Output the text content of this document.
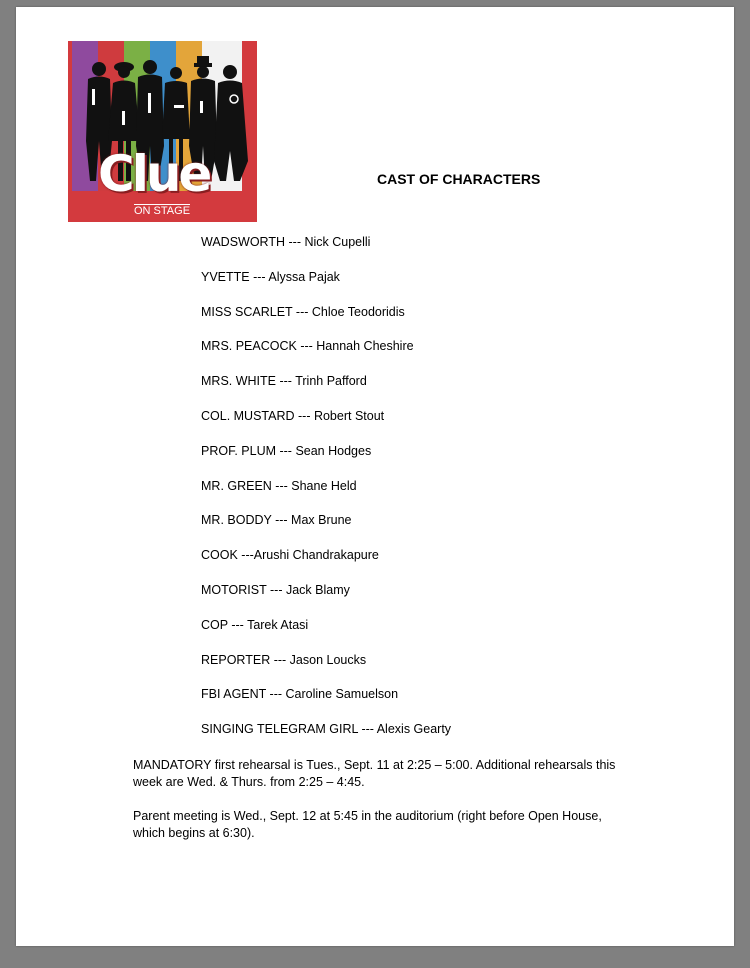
Clue
ON STAGE
CAST OF CHARACTERS
WADSWORTH --- Nick Cupelli
YVETTE --- Alyssa Pajak
MISS SCARLET --- Chloe Teodoridis
MRS. PEACOCK --- Hannah Cheshire
MRS. WHITE --- Trinh Pafford
COL. MUSTARD --- Robert Stout
PROF. PLUM --- Sean Hodges
MR. GREEN --- Shane Held
MR. BODDY --- Max Brune
COOK ---Arushi Chandrakapure
MOTORIST --- Jack Blamy
COP --- Tarek Atasi
REPORTER --- Jason Loucks
FBI AGENT --- Caroline Samuelson
SINGING TELEGRAM GIRL --- Alexis Gearty

MANDATORY first rehearsal is Tues., Sept. 11 at 2:25 – 5:00. Additional rehearsals this week are Wed. & Thurs. from 2:25 – 4:45.

Parent meeting is Wed., Sept. 12 at 5:45 in the auditorium (right before Open House, which begins at 6:30).
